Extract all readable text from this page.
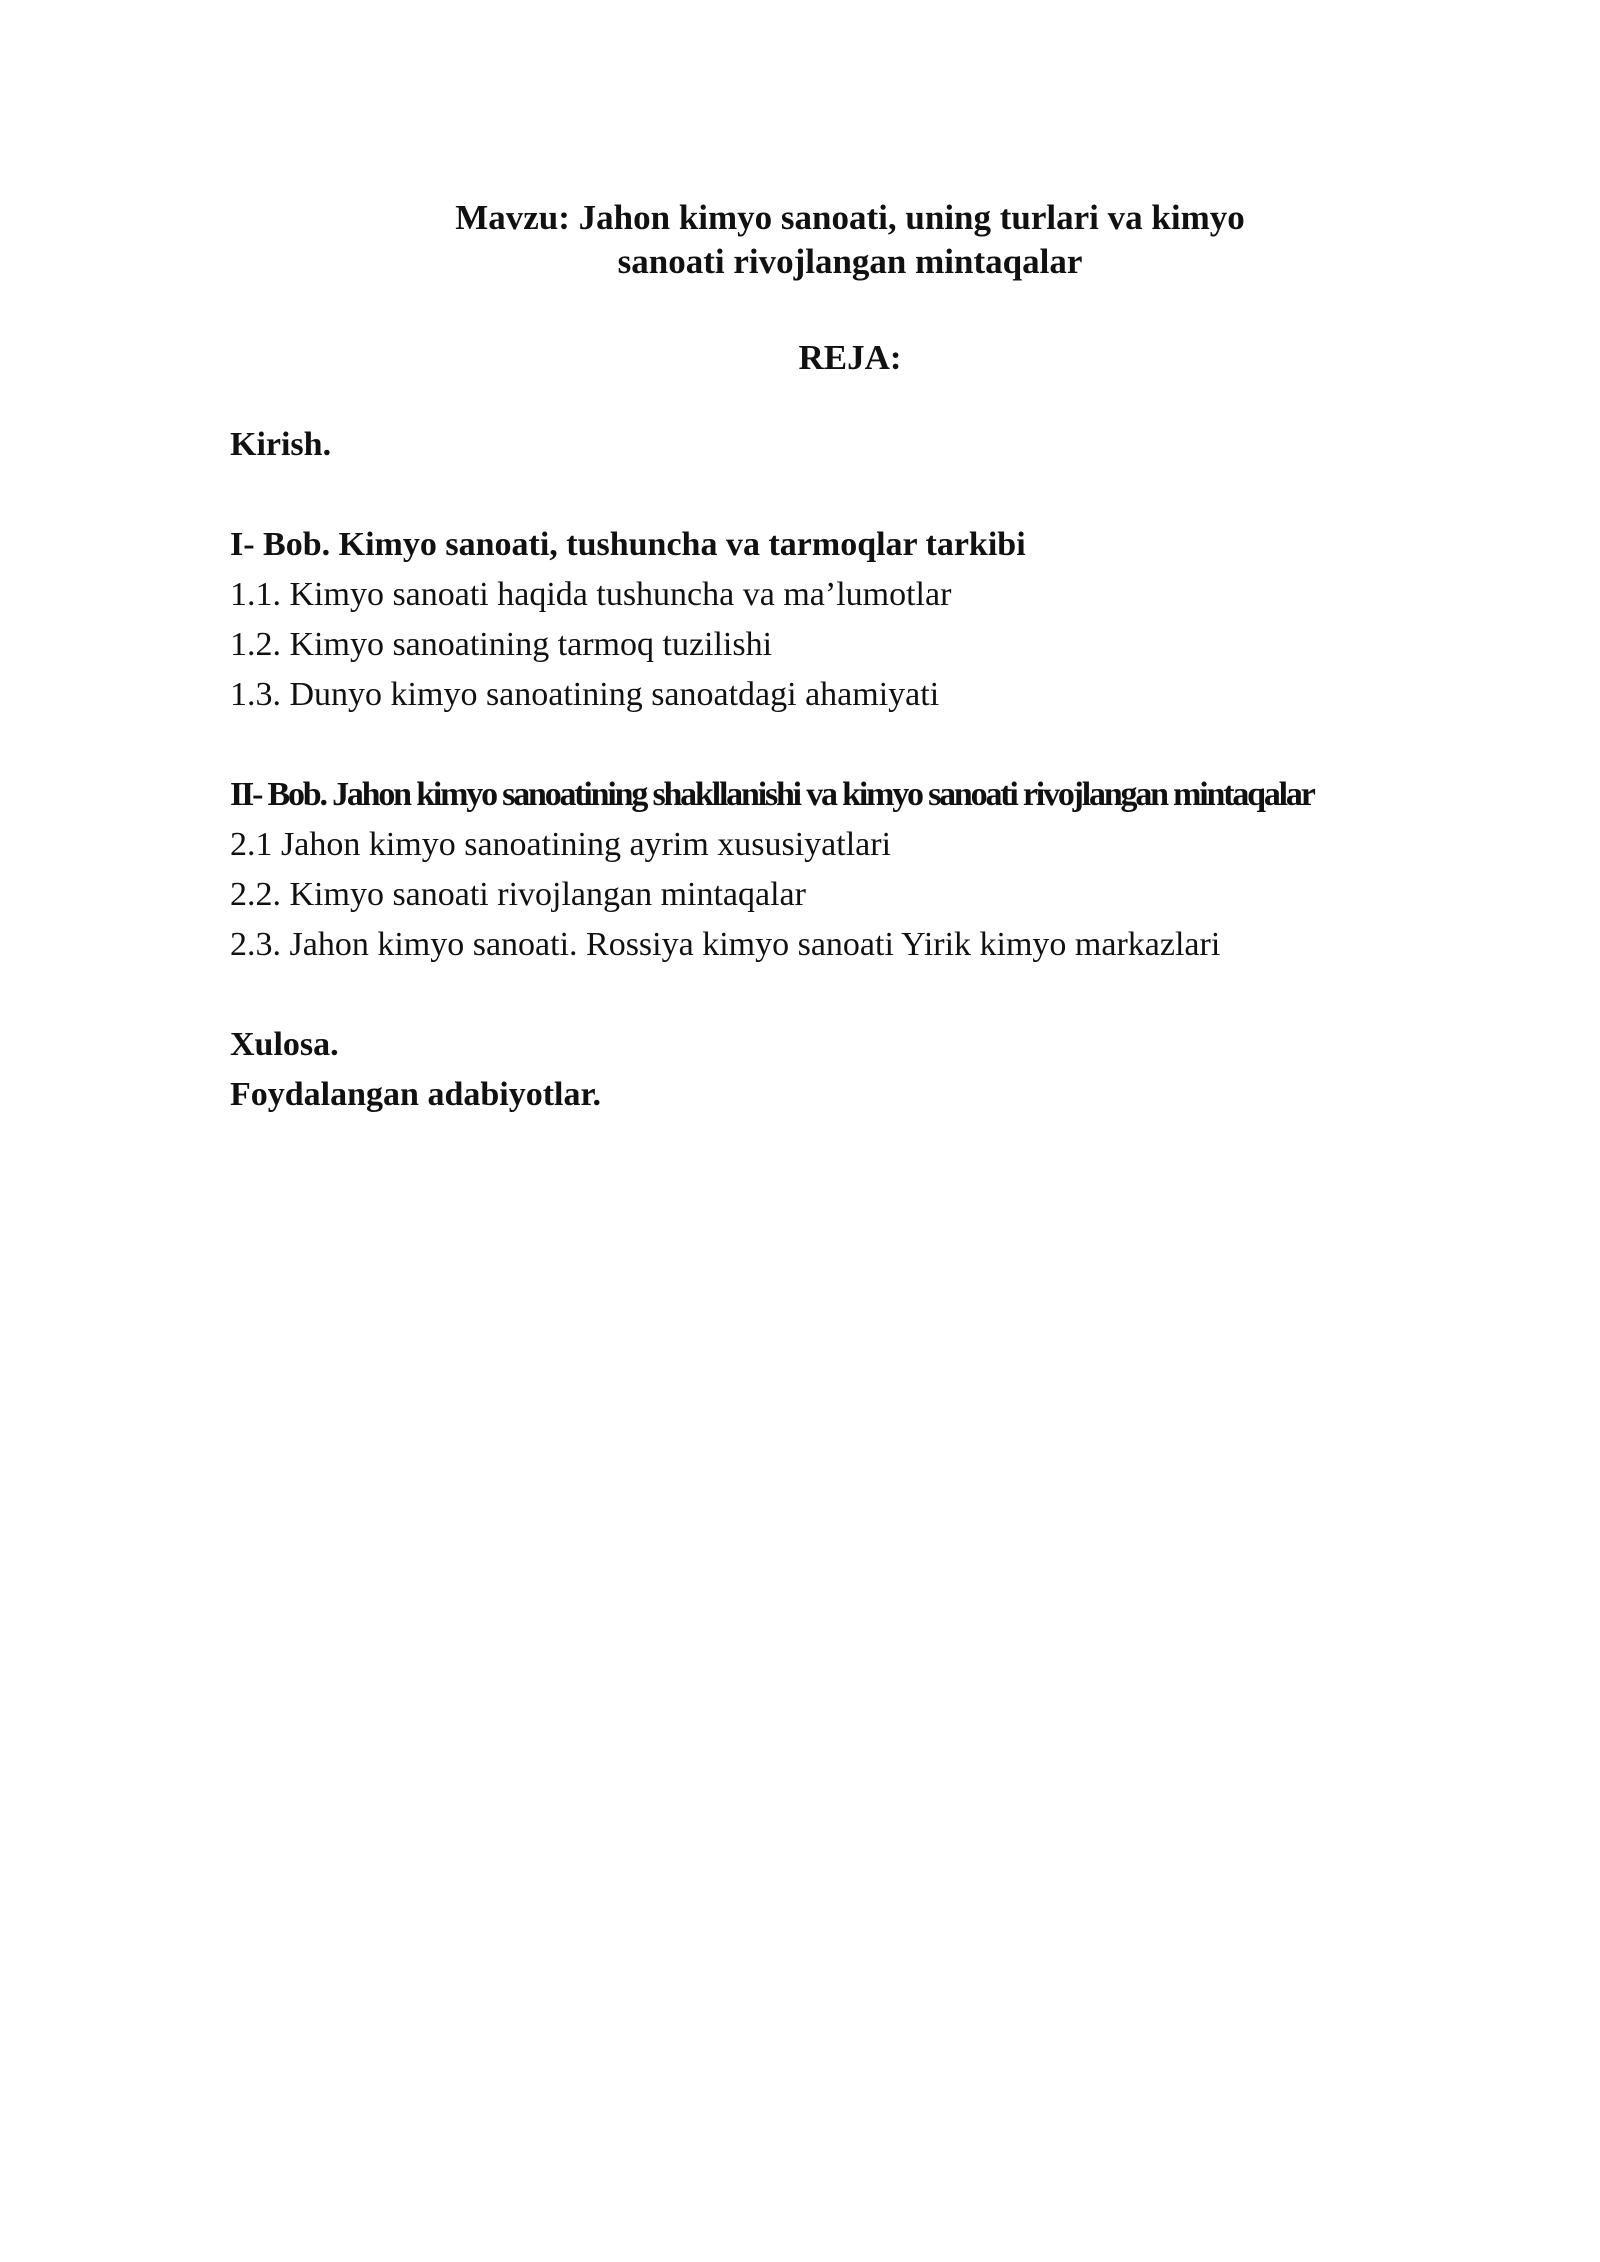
Mavzu: Jahon kimyo sanoati, uning turlari va kimyo
sanoati rivojlangan mintaqalar
REJA:
Kirish.
I- Bob. Kimyo sanoati, tushuncha va tarmoqlar tarkibi
1.1. Kimyo sanoati haqida tushuncha va ma’lumotlar
1.2. Kimyo sanoatining tarmoq tuzilishi
1.3. Dunyo kimyo sanoatining sanoatdagi ahamiyati
II- Bob. Jahon kimyo sanoatining shakllanishi va kimyo sanoati rivojlangan mintaqalar
2.1 Jahon kimyo sanoatining ayrim xususiyatlari
2.2. Kimyo sanoati rivojlangan mintaqalar
2.3. Jahon kimyo sanoati. Rossiya kimyo sanoati Yirik kimyo markazlari
Xulosa.
Foydalangan adabiyotlar.
